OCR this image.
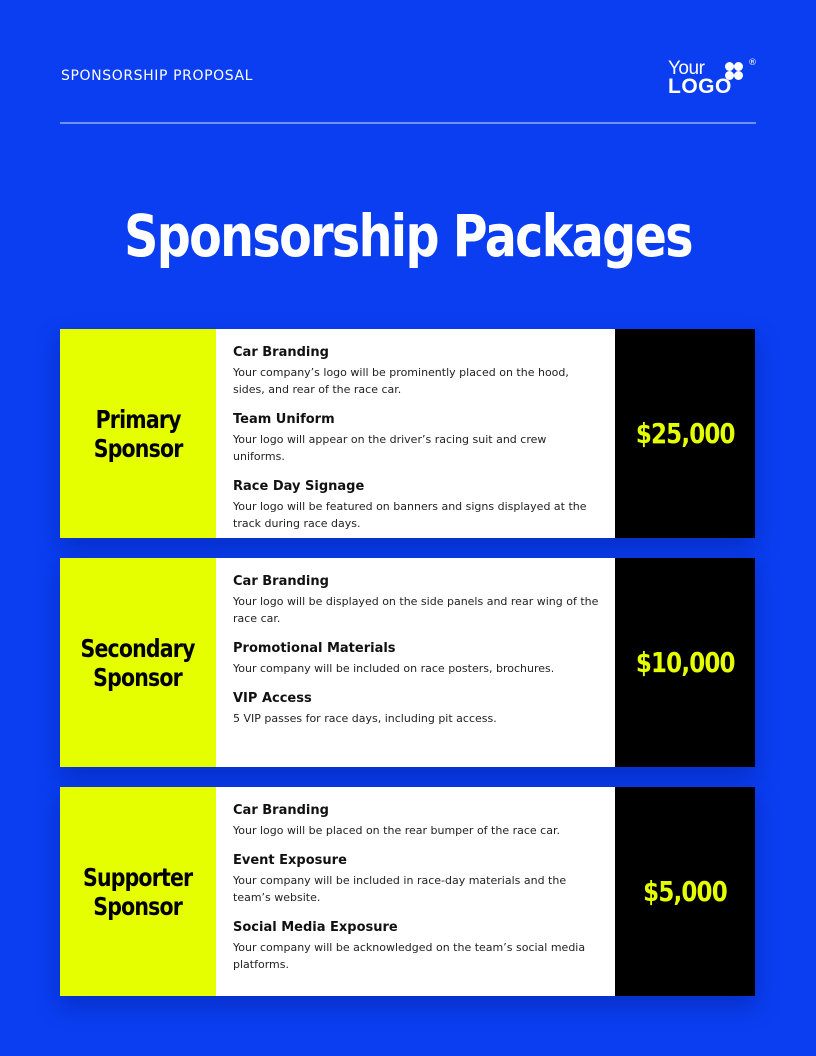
SPONSORSHIP PROPOSAL	Your	®
LOGO
Sponsorship Packages
Primary
Sponsor
Car Branding

Your company’s logo will be prominently placed on the hood, sides, and rear of the race car.

Team Uniform

Your logo will appear on the driver’s racing suit and crew uniforms.

Race Day Signage

Your logo will be featured on banners and signs displayed at the track during race days.

$25,000
Secondary
Sponsor
Car Branding

Your logo will be displayed on the side panels and rear wing of the race car.

Promotional Materials

Your company will be included on race posters, brochures.

VIP Access

5 VIP passes for race days, including pit access.

$10,000
Supporter
Sponsor
Car Branding

Your logo will be placed on the rear bumper of the race car.

Event Exposure

Your company will be included in race-day materials and the team’s website.

Social Media Exposure

Your company will be acknowledged on the team’s social media platforms.

$5,000
